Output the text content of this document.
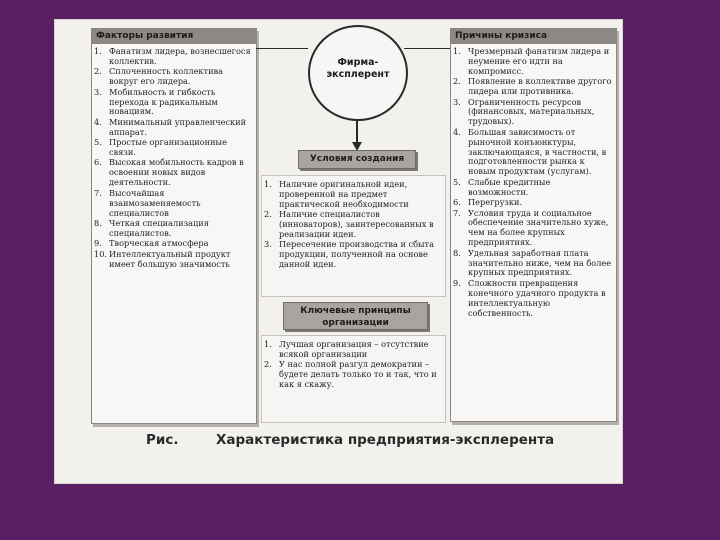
Факторы развития
1. Фанатизм лидера, вознесшегося коллектив.
2. Сплоченность коллектива вокруг его лидера.
3. Мобильность и гибкость перехода к радикальным новациям.
4. Минимальный управленческий аппарат.
5. Простые организационные связи.
6. Высокая мобильность кадров в освоении новых видов деятельности.
7. Высочайшая взаимозаменяемость специалистов
8. Четкая специализация специалистов.
9. Творческая атмосфера
10. Интеллектуальный продукт имеет большую значимость
Фирма-
эксплерент
Условия создания
1. Наличие оригинальной идеи, проверенной на предмет практической необходимости
2. Наличие специалистов (инноваторов), заинтересованных в реализации идеи.
3. Пересечение производства и сбыта продукции, полученной на основе данной идеи.
Ключевые принципы
организации
1. Лучшая организация – отсутствие всякой организации
2. У нас полной разгул демократии – будете делать только то и так, что и как я скажу.
Причины кризиса
1. Чрезмерный фанатизм лидера и неумение его идти на компромисс.
2. Появление в коллективе другого лидера или противника.
3. Ограниченность ресурсов (финансовых, материальных, трудовых).
4. Большая зависимость от рыночной конъюнктуры, заключающаяся, в частности, в подготовленности рынка к новым продуктам (услугам).
5. Слабые кредитные возможности.
6. Перегрузки.
7. Условия труда и социальное обеспечение значительно хуже, чем на более крупных предприятиях.
8. Удельная заработная плата значительно ниже, чем на более крупных предприятиях.
9. Сложности превращения конечного удачного продукта в интеллектуальную собственность.
Рис.	Характеристика предприятия-эксплерента
